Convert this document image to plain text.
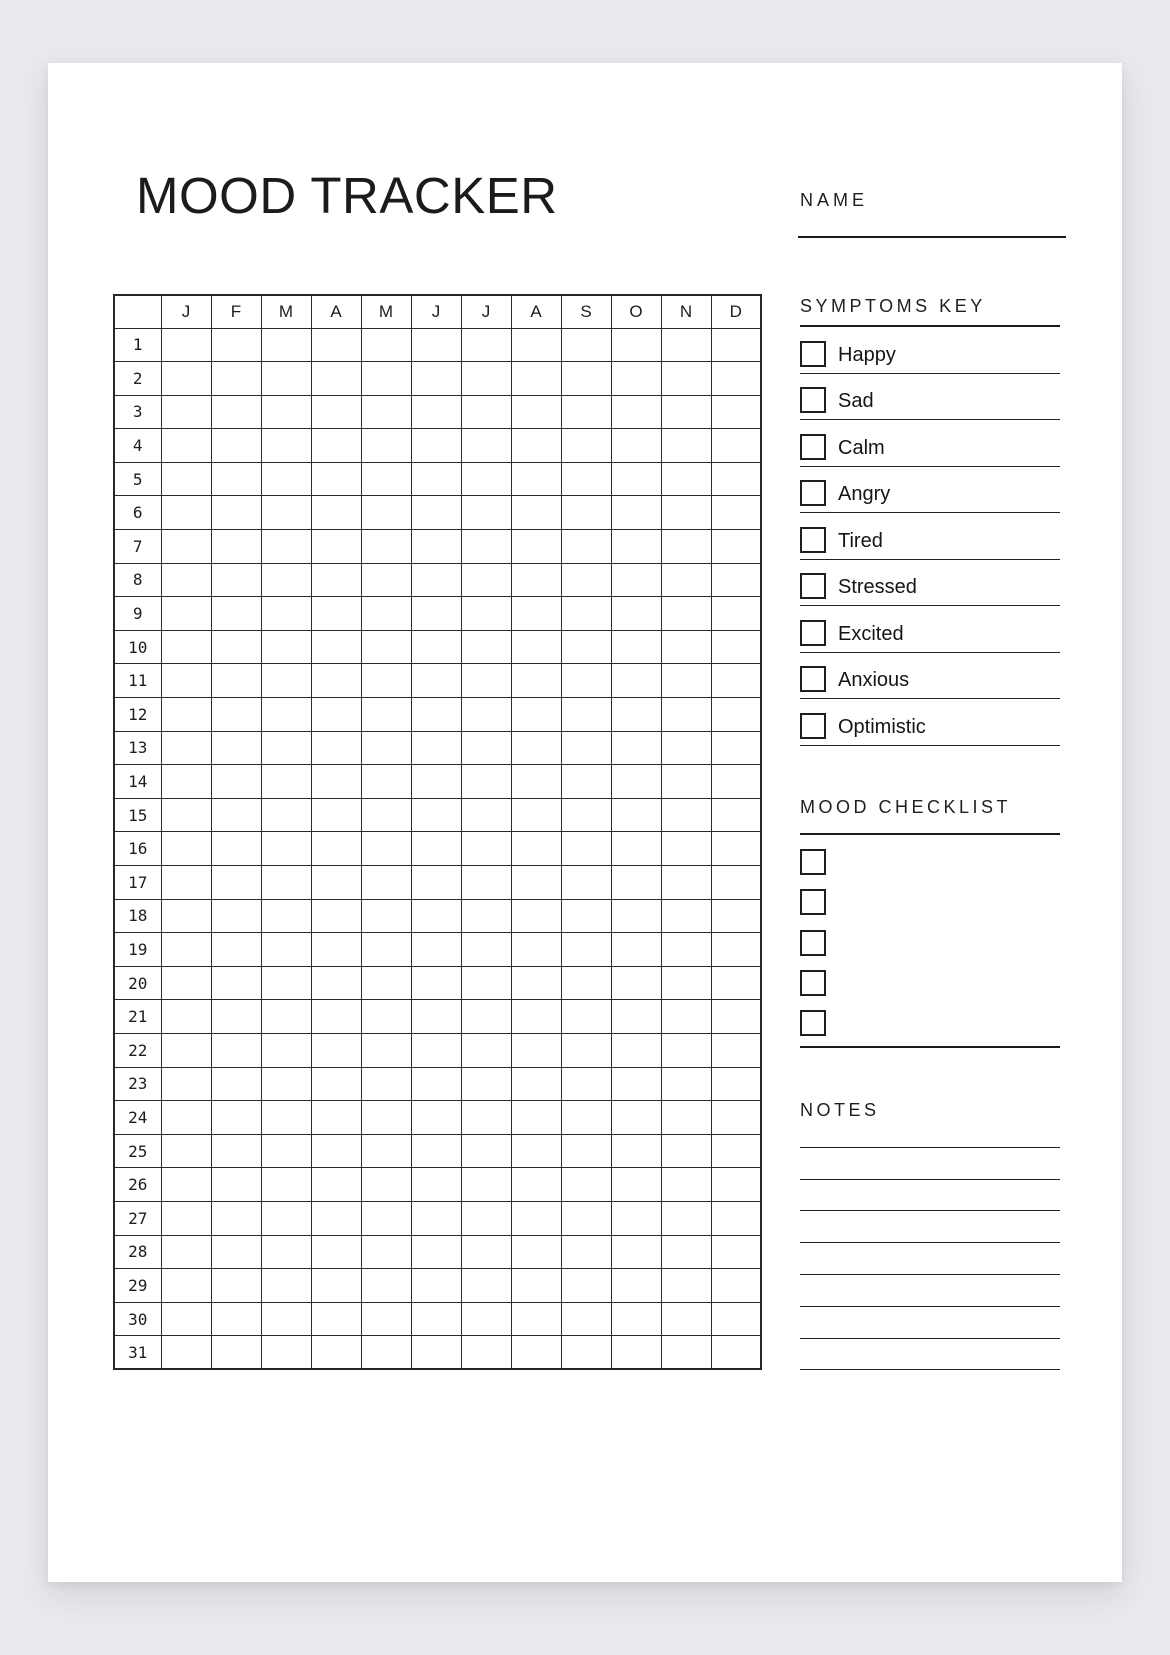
MOOD TRACKER	NAME
	J	F	M	A	M	J	J	A	S	O	N	D
1												
2												
3												
4												
5												
6												
7												
8												
9												
10												
11												
12												
13												
14												
15												
16												
17												
18												
19												
20												
21												
22												
23												
24												
25												
26												
27												
28												
29												
30												
31												
SYMPTOMS KEY
Happy
Sad
Calm
Angry
Tired
Stressed
Excited
Anxious
Optimistic
MOOD CHECKLIST
NOTES
